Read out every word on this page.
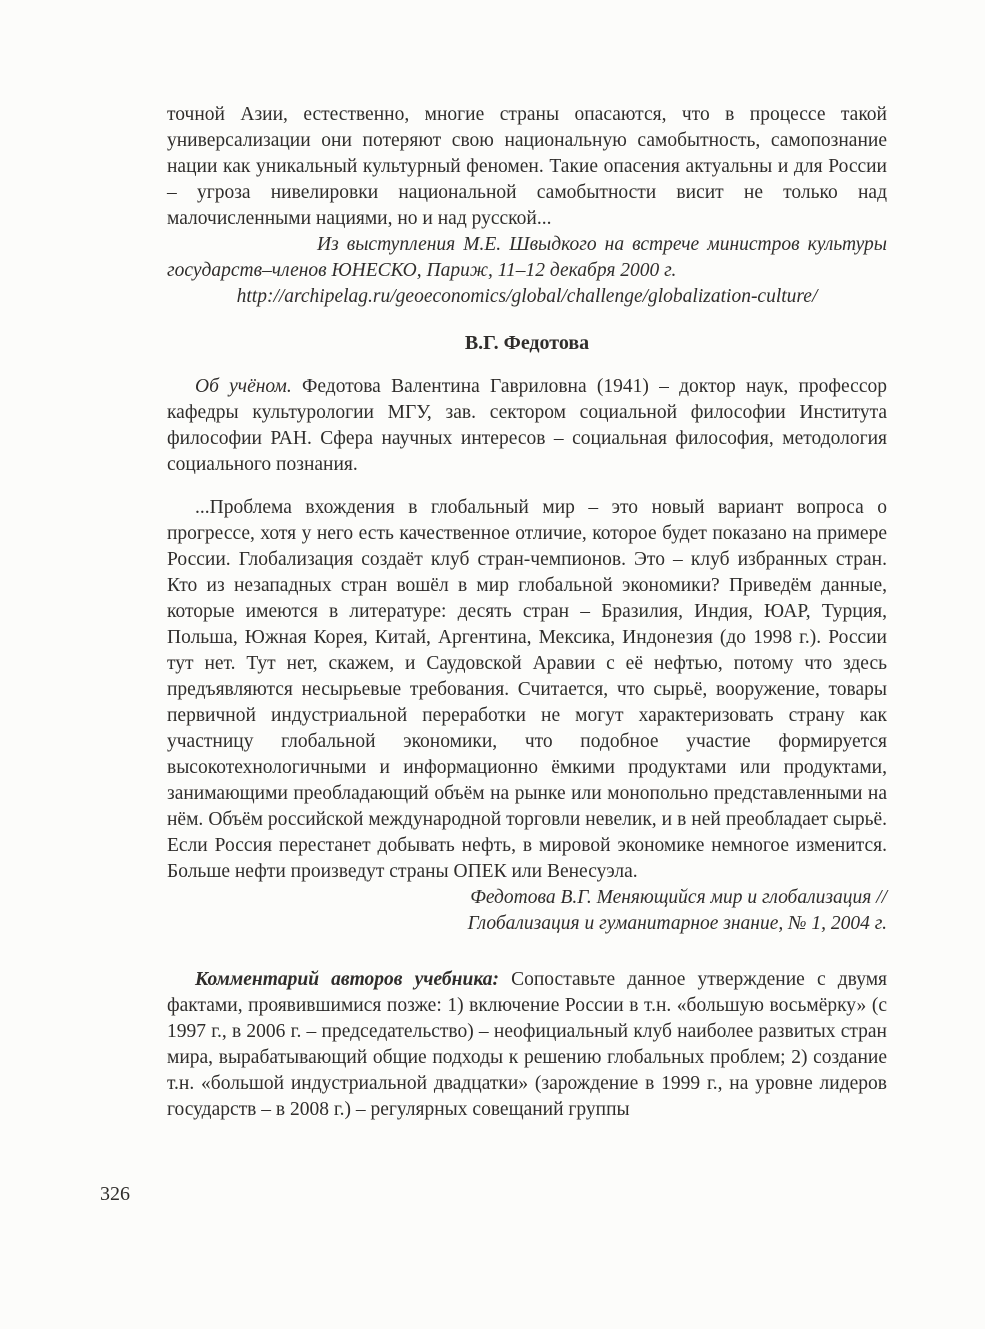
точной Азии, естественно, многие страны опасаются, что в процессе такой универсализации они потеряют свою национальную самобытность, самопознание нации как уникальный культурный феномен. Такие опасения актуальны и для России – угроза нивелировки национальной самобытности висит не только над малочисленными нациями, но и над русской...

Из выступления М.Е. Швыдкого на встрече министров культуры государств–членов ЮНЕСКО, Париж, 11–12 декабря 2000 г.

http://archipelag.ru/geoeconomics/global/challenge/globalization-culture/

В.Г. Федотова

Об учёном. Федотова Валентина Гавриловна (1941) – доктор наук, профессор кафедры культурологии МГУ, зав. сектором социальной философии Института философии РАН. Сфера научных интересов – социальная философия, методология социального познания.

...Проблема вхождения в глобальный мир – это новый вариант вопроса о прогрессе, хотя у него есть качественное отличие, которое будет показано на примере России. Глобализация создаёт клуб стран-чемпионов. Это – клуб избранных стран. Кто из незападных стран вошёл в мир глобальной экономики? Приведём данные, которые имеются в литературе: десять стран – Бразилия, Индия, ЮАР, Турция, Польша, Южная Корея, Китай, Аргентина, Мексика, Индонезия (до 1998 г.). России тут нет. Тут нет, скажем, и Саудовской Аравии с её нефтью, потому что здесь предъявляются несырьевые требования. Считается, что сырьё, вооружение, товары первичной индустриальной переработки не могут характеризовать страну как участницу глобальной экономики, что подобное участие формируется высокотехнологичными и информационно ёмкими продуктами или продуктами, занимающими преобладающий объём на рынке или монопольно представленными на нём. Объём российской международной торговли невелик, и в ней преобладает сырьё. Если Россия перестанет добывать нефть, в мировой экономике немногое изменится. Больше нефти произведут страны ОПЕК или Венесуэла.

Федотова В.Г. Меняющийся мир и глобализация //

Глобализация и гуманитарное знание, № 1, 2004 г.

Комментарий авторов учебника: Сопоставьте данное утверждение с двумя фактами, проявившимися позже: 1) включение России в т.н. «большую восьмёрку» (с 1997 г., в 2006 г. – председательство) – неофициальный клуб наиболее развитых стран мира, вырабатывающий общие подходы к решению глобальных проблем; 2) создание т.н. «большой индустриальной двадцатки» (зарождение в 1999 г., на уровне лидеров государств – в 2008 г.) – регулярных совещаний группы

326
